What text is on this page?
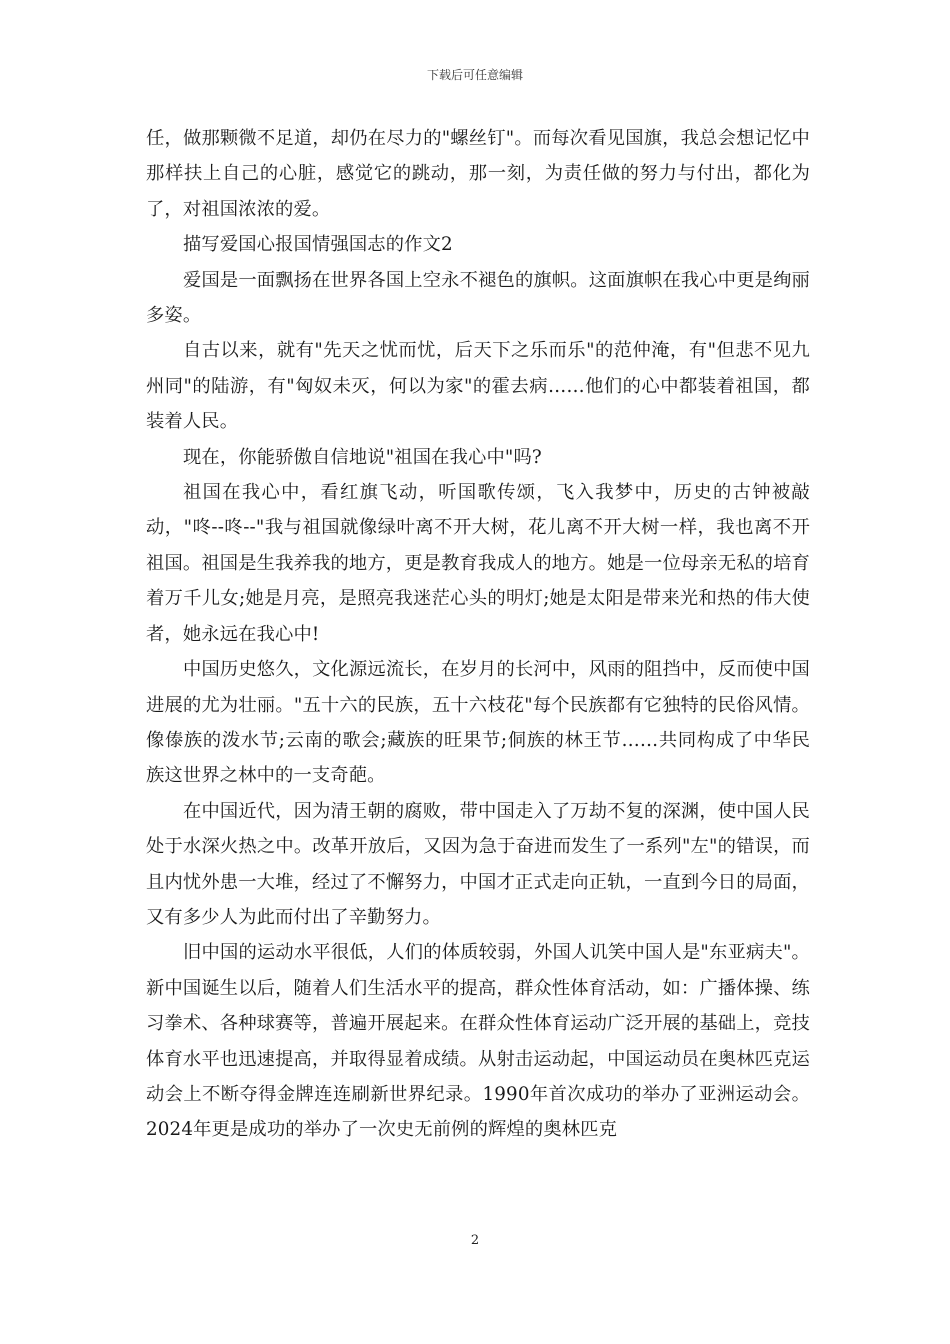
下载后可任意编辑

任，做那颗微不足道，却仍在尽力的"螺丝钉"。而每次看见国旗，我总会想记忆中那样扶上自己的心脏，感觉它的跳动，那一刻，为责任做的努力与付出，都化为了，对祖国浓浓的爱。

描写爱国心报国情强国志的作文2

爱国是一面飘扬在世界各国上空永不褪色的旗帜。这面旗帜在我心中更是绚丽多姿。

自古以来，就有"先天之忧而忧，后天下之乐而乐"的范仲淹，有"但悲不见九州同"的陆游，有"匈奴未灭，何以为家"的霍去病……他们的心中都装着祖国，都装着人民。

现在，你能骄傲自信地说"祖国在我心中"吗?

祖国在我心中，看红旗飞动，听国歌传颂，飞入我梦中，历史的古钟被敲动，"咚--咚--"我与祖国就像绿叶离不开大树，花儿离不开大树一样，我也离不开祖国。祖国是生我养我的地方，更是教育我成人的地方。她是一位母亲无私的培育着万千儿女;她是月亮，是照亮我迷茫心头的明灯;她是太阳是带来光和热的伟大使者，她永远在我心中!

中国历史悠久，文化源远流长，在岁月的长河中，风雨的阻挡中，反而使中国进展的尤为壮丽。"五十六的民族，五十六枝花"每个民族都有它独特的民俗风情。像傣族的泼水节;云南的歌会;藏族的旺果节;侗族的林王节……共同构成了中华民族这世界之林中的一支奇葩。

在中国近代，因为清王朝的腐败，带中国走入了万劫不复的深渊，使中国人民处于水深火热之中。改革开放后，又因为急于奋进而发生了一系列"左"的错误，而且内忧外患一大堆，经过了不懈努力，中国才正式走向正轨，一直到今日的局面，又有多少人为此而付出了辛勤努力。

旧中国的运动水平很低，人们的体质较弱，外国人讥笑中国人是"东亚病夫"。新中国诞生以后，随着人们生活水平的提高，群众性体育活动，如：广播体操、练习拳术、各种球赛等，普遍开展起来。在群众性体育运动广泛开展的基础上，竞技体育水平也迅速提高，并取得显着成绩。从射击运动起，中国运动员在奥林匹克运动会上不断夺得金牌连连刷新世界纪录。1990年首次成功的举办了亚洲运动会。2024年更是成功的举办了一次史无前例的辉煌的奥林匹克

2
